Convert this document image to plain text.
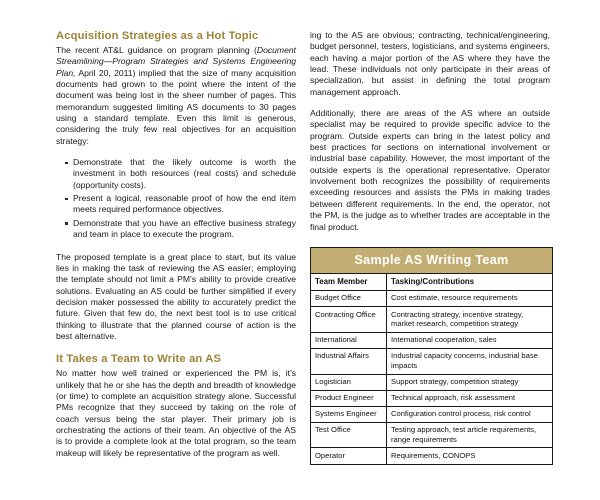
Acquisition Strategies as a Hot Topic

The recent AT&L guidance on program planning (Document Streamlining—Program Strategies and Systems Engineering Plan, April 20, 2011) implied that the size of many acquisition documents had grown to the point where the intent of the document was being lost in the sheer number of pages. This memorandum suggested limiting AS documents to 30 pages using a standard template. Even this limit is generous, considering the truly few real objectives for an acquisition strategy:

Demonstrate that the likely outcome is worth the investment in both resources (real costs) and schedule (opportunity costs).
Present a logical, reasonable proof of how the end item meets required performance objectives.
Demonstrate that you have an effective business strategy and team in place to execute the program.

The proposed template is a great place to start, but its value lies in making the task of reviewing the AS easier; employing the template should not limit a PM’s ability to provide creative solutions. Evaluating an AS could be further simplified if every decision maker possessed the ability to accurately predict the future. Given that few do, the next best tool is to use critical thinking to illustrate that the planned course of action is the best alternative.

It Takes a Team to Write an AS

No matter how well trained or experienced the PM is, it’s unlikely that he or she has the depth and breadth of knowledge (or time) to complete an acquisition strategy alone. Successful PMs recognize that they succeed by taking on the role of coach versus being the star player. Their primary job is orchestrating the actions of their team. An objective of the AS is to provide a complete look at the total program, so the team makeup will likely be representative of the program as well.

ing to the AS are obvious; contracting, technical/engineering, budget personnel, testers, logisticians, and systems engineers, each having a major portion of the AS where they have the lead. These individuals not only participate in their areas of specialization, but assist in defining the total program management approach.

Additionally, there are areas of the AS where an outside specialist may be required to provide specific advice to the program. Outside experts can bring in the latest policy and best practices for sections on international involvement or industrial base capability. However, the most important of the outside experts is the operational representative. Operator involvement both recognizes the possibility of requirements exceeding resources and assists the PMs in making trades between different requirements. In the end, the operator, not the PM, is the judge as to whether trades are acceptable in the final product.

Sample AS Writing Team	
Team Member	Tasking/Contributions
Budget Office	Cost estimate, resource requirements
Contracting Office	Contracting strategy, incentive strategy, market research, competition strategy
International	International cooperation, sales
Industrial Affairs	Industrial capacity concerns, industrial base impacts
Logistician	Support strategy, competition strategy
Product Engineer	Technical approach, risk assessment
Systems Engineer	Configuration control process, risk control
Test Office	Testing approach, test article requirements, range requirements
Operator	Requirements, CONOPS
